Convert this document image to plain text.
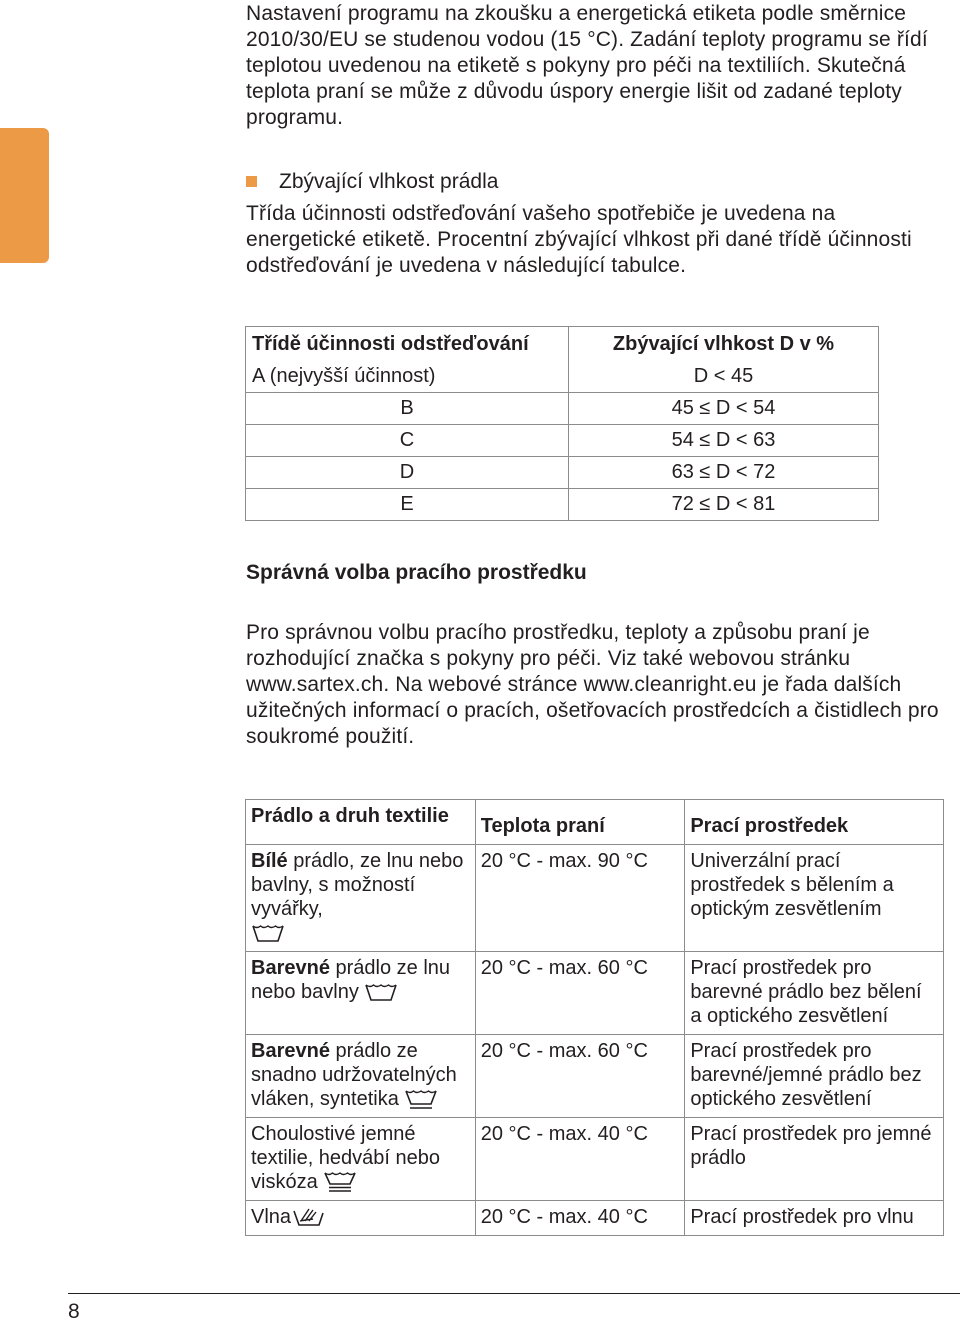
Nastavení programu na zkoušku a energetická etiketa podle směrnice 2010/30/EU se studenou vodou (15 °C). Zadání teploty programu se řídí teplotou uvedenou na etiketě s pokyny pro péči na textiliích. Skutečná teplota praní se může z důvodu úspory energie lišit od zadané teploty programu.

Zbývající vlhkost prádla

Třída účinnosti odstřeďování vašeho spotřebiče je uvedena na energetické etiketě. Procentní zbývající vlhkost při dané třídě účinnosti odstřeďování je uvedena v následující tabulce.

Třídě účinnosti odstřeďování	Zbývající vlhkost D v %
A (nejvyšší účinnost)	D < 45
B	45 ≤ D < 54
C	54 ≤ D < 63
D	63 ≤ D < 72
E	72 ≤ D < 81
Správná volba pracího prostředku

Pro správnou volbu pracího prostředku, teploty a způsobu praní je rozhodující značka s pokyny pro péči. Viz také webovou stránku www.sartex.ch. Na webové stránce www.cleanright.eu je řada dalších užitečných informací o pracích, ošetřovacích prostředcích a čistidlech pro soukromé použití.

Prádlo a druh textilie	Teplota praní	Prací prostředek
Bílé prádlo, ze lnu nebo bavlny, s možností vyvářky,	20 °C - max. 90 °C	Univerzální prací prostředek s bělením a optickým zesvětlením
Barevné prádlo ze lnu nebo bavlny	20 °C - max. 60 °C	Prací prostředek pro barevné prádlo bez bělení a optického zesvětlení
Barevné prádlo ze snadno udržovatelných vláken, syntetika	20 °C - max. 60 °C	Prací prostředek pro barevné/jemné prádlo bez optického zesvětlení
Choulostivé jemné textilie, hedvábí nebo viskóza	20 °C - max. 40 °C	Prací prostředek pro jemné prádlo
Vlna	20 °C - max. 40 °C	Prací prostředek pro vlnu
8
